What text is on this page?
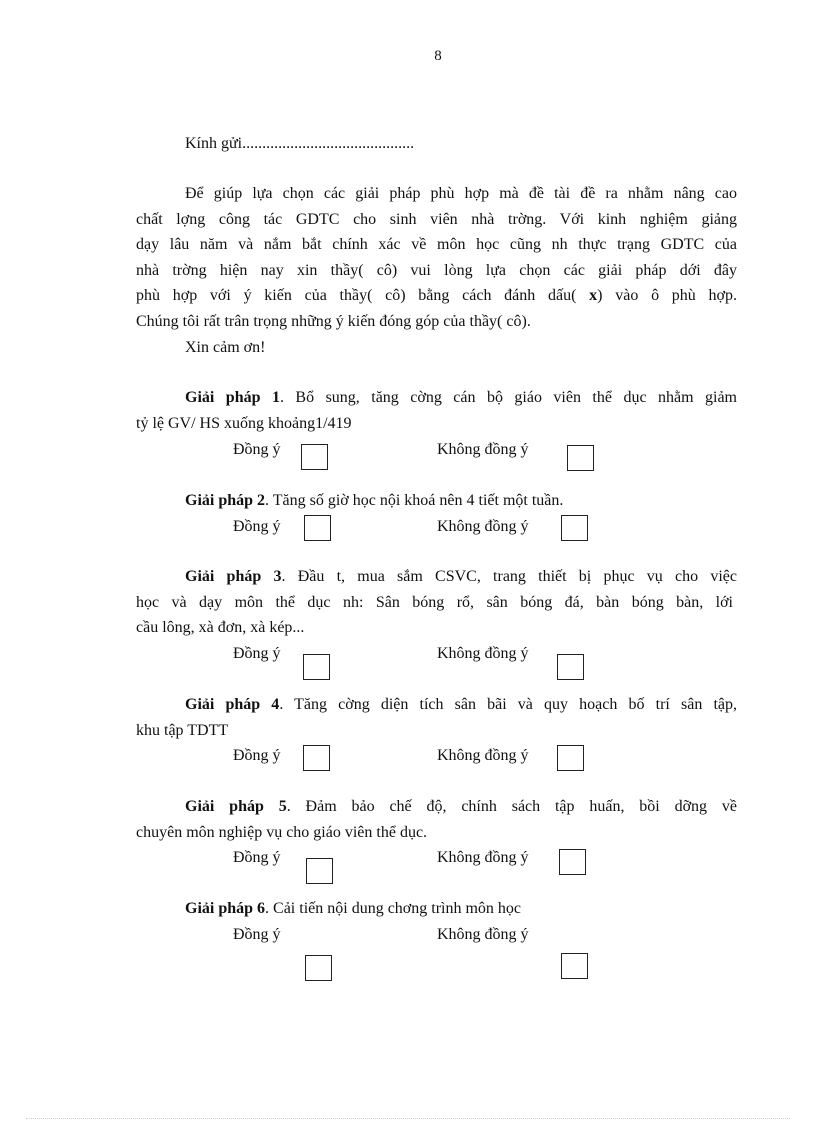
8

Kính gửi...........................................

Để giúp lựa chọn các giải pháp phù hợp mà đề tài đề ra nhằm nâng cao

chất lợng công tác GDTC cho sinh viên nhà trờng. Với kinh nghiệm giảng

dạy lâu năm và nắm bắt chính xác về môn học cũng nh thực trạng GDTC của

nhà trờng hiện nay xin thầy( cô) vui lòng lựa chọn các giải pháp dới đây

phù hợp với ý kiến của thầy( cô) bằng cách đánh dấu( x) vào ô phù hợp.

Chúng tôi rất trân trọng những ý kiến đóng góp của thầy( cô).

Xin cảm ơn!

Giải pháp 1. Bổ sung, tăng cờng cán bộ giáo viên thể dục nhằm giảm

tỷ lệ GV/ HS xuống khoảng1/419

Đồng ý	Không đồng ý

Giải pháp 2. Tăng số giờ học nội khoá nên 4 tiết một tuần.

Đồng ý	Không đồng ý

Giải pháp 3. Đầu t, mua sắm CSVC, trang thiết bị phục vụ cho việc

học và dạy môn thể dục nh: Sân bóng rổ, sân bóng đá, bàn bóng bàn, lới

cầu lông, xà đơn, xà kép...

Đồng ý	Không đồng ý

Giải pháp 4. Tăng cờng diện tích sân bãi và quy hoạch bố trí sân tập,

khu tập TDTT

Đồng ý	Không đồng ý

Giải pháp 5. Đảm bảo chế độ, chính sách tập huấn, bồi dỡng về

chuyên môn nghiệp vụ cho giáo viên thể dục.

Đồng ý	Không đồng ý

Giải pháp 6. Cải tiến nội dung chơng trình môn học

Đồng ý	Không đồng ý
